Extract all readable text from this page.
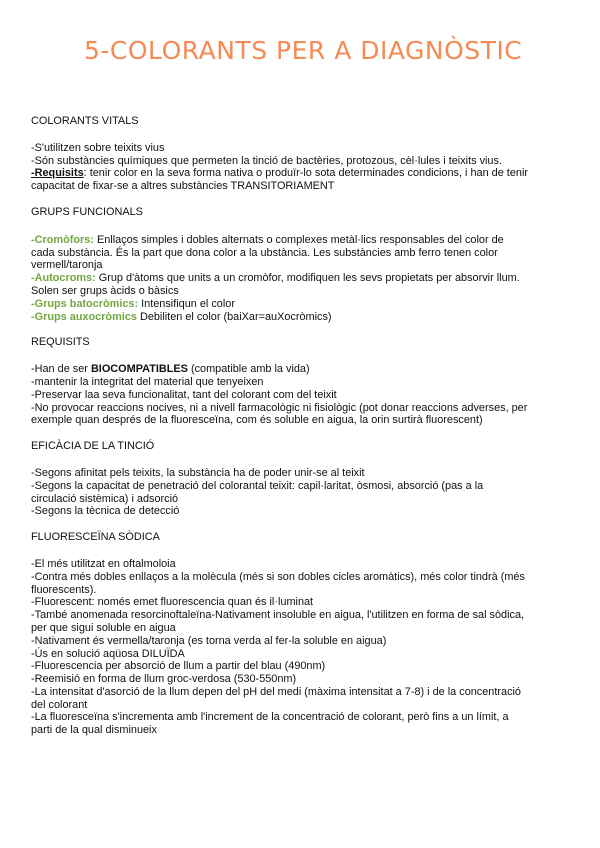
5-COLORANTS PER A DIAGNÒSTIC
COLORANTS VITALS
-S'utilitzen sobre teixits vius
-Són substàncies químiques que permeten la tinció de bactèries, protozous, cèl·lules i teixits vius.
-Requisits: tenir color en la seva forma nativa o produïr-lo sota determinades condicions, i han de tenir
capacitat de fixar-se a altres substàncies TRANSITORIAMENT
GRUPS FUNCIONALS
-Cromòfors: Enllaços simples i dobles alternats o complexes metàl·lics responsables del color de
cada substància. És la part que dona color a la ubstància. Les substàncies amb ferro tenen color
vermell/taronja
-Autocroms: Grup d'àtoms que units a un cromòfor, modifiquen les sevs propietats per absorvir llum.
Solen ser grups àcids o bàsics
-Grups batocròmics: Intensifiqun el color
-Grups auxocròmics Debiliten el color (baiXar=auXocròmics)
REQUISITS
-Han de ser BIOCOMPATIBLES (compatible amb la vida)
-mantenir la integritat del material que tenyeixen
-Preservar laa seva funcionalitat, tant del colorant com del teixit
-No provocar reaccions nocives, ni a nivell farmacològic ni fisiològic (pot donar reaccions adverses, per
exemple quan després de la fluoresceïna, com és soluble en aigua, la orin surtirà fluorescent)
EFICÀCIA DE LA TINCIÓ
-Segons afinitat pels teixits, la substància ha de poder unir-se al teixit
-Segons la capacitat de penetració del colorantal teixit: capil·laritat, òsmosi, absorció (pas a la
circulació sistèmica) i adsorció
-Segons la tècnica de detecció
FLUORESCEÏNA SÒDICA
-El més utilitzat en oftalmoloia
-Contra més dobles enllaços a la molècula (més si son dobles cicles aromàtics), més color tindrà (més
fluorescents).
-Fluorescent: només emet fluorescencia quan és il·luminat
-També anomenada resorcinoftaleïna-Nativament insoluble en aigua, l'utilitzen en forma de sal sòdica,
per que sigui soluble en aigua
-Nativament és vermella/taronja (es torna verda al fer-la soluble en aigua)
-Ús en solució aqüosa DILUÏDA
-Fluorescencia per absorció de llum a partir del blau (490nm)
-Reemisió en forma de llum groc-verdosa (530-550nm)
-La intensitat d'asorció de la llum depen del pH del medi (màxima intensitat a 7-8) i de la concentració
del colorant
-La fluoresceïna s'incrementa amb l'increment de la concentració de colorant, però fins a un límit, a
parti de la qual disminueix
